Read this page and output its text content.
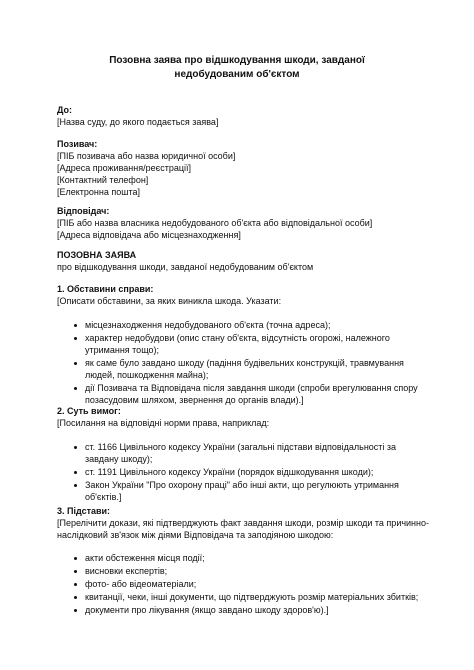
Позовна заява про відшкодування шкоди, завданої недобудованим об'єктом
До:
[Назва суду, до якого подається заява]
Позивач:
[ПІБ позивача або назва юридичної особи]
[Адреса проживання/реєстрації]
[Контактний телефон]
[Електронна пошта]
Відповідач:
[ПІБ або назва власника недобудованого об'єкта або відповідальної особи]
[Адреса відповідача або місцезнаходження]
ПОЗОВНА ЗАЯВА
про відшкодування шкоди, завданої недобудованим об'єктом
1. Обставини справи:
[Описати обставини, за яких виникла шкода. Указати:
місцезнаходження недобудованого об'єкта (точна адреса);
характер недобудови (опис стану об'єкта, відсутність огорожі, належного утримання тощо);
як саме було завдано шкоду (падіння будівельних конструкцій, травмування людей, пошкодження майна);
дії Позивача та Відповідача після завдання шкоди (спроби врегулювання спору позасудовим шляхом, звернення до органів влади).]
2. Суть вимог:
[Посилання на відповідні норми права, наприклад:
ст. 1166 Цивільного кодексу України (загальні підстави відповідальності за завдану шкоду);
ст. 1191 Цивільного кодексу України (порядок відшкодування шкоди);
Закон України "Про охорону праці" або інші акти, що регулюють утримання об'єктів.]
3. Підстави:
[Перелічити докази, які підтверджують факт завдання шкоди, розмір шкоди та причинно-наслідковий зв'язок між діями Відповідача та заподіяною шкодою:
акти обстеження місця події;
висновки експертів;
фото- або відеоматеріали;
квитанції, чеки, інші документи, що підтверджують розмір матеріальних збитків;
документи про лікування (якщо завдано шкоду здоров'ю).]
